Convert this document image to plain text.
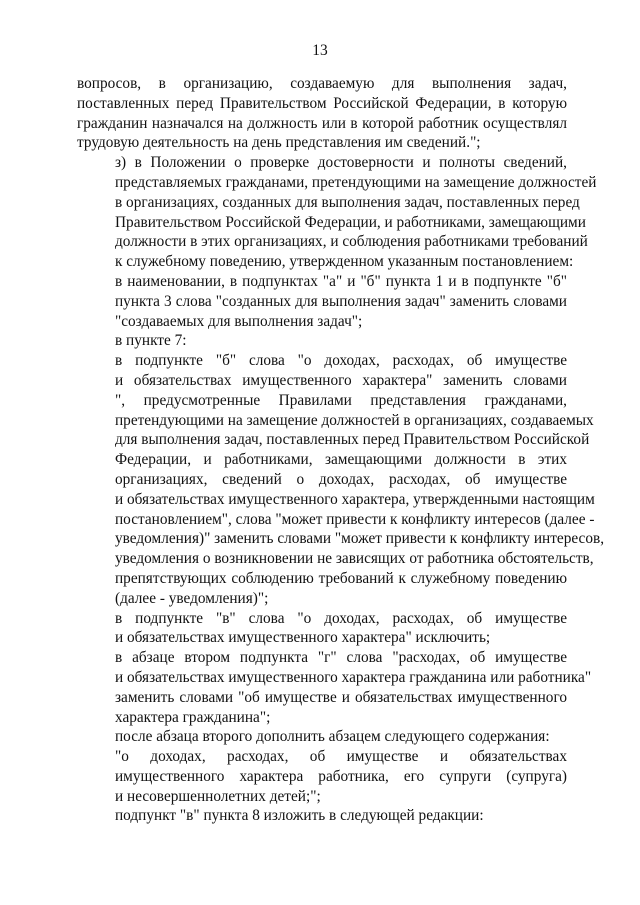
13

вопросов, в организацию, создаваемую для выполнения задач,
поставленных перед Правительством Российской Федерации, в которую
гражданин назначался на должность или в которой работник осуществлял
трудовую деятельность на день представления им сведений.";

з) в Положении о проверке достоверности и полноты сведений,
представляемых гражданами, претендующими на замещение должностей
в организациях, созданных для выполнения задач, поставленных перед
Правительством Российской Федерации, и работниками, замещающими
должности в этих организациях, и соблюдения работниками требований
к служебному поведению, утвержденном указанным постановлением:

в наименовании, в подпунктах "а" и "б" пункта 1 и в подпункте "б"
пункта 3 слова "созданных для выполнения задач" заменить словами
"создаваемых для выполнения задач";

в пункте 7:

в подпункте "б" слова "о доходах, расходах, об имуществе
и обязательствах имущественного характера" заменить словами
", предусмотренные Правилами представления гражданами,
претендующими на замещение должностей в организациях, создаваемых
для выполнения задач, поставленных перед Правительством Российской
Федерации, и работниками, замещающими должности в этих
организациях, сведений о доходах, расходах, об имуществе
и обязательствах имущественного характера, утвержденными настоящим
постановлением", слова "может привести к конфликту интересов (далее -
уведомления)" заменить словами "может привести к конфликту интересов,
уведомления о возникновении не зависящих от работника обстоятельств,
препятствующих соблюдению требований к служебному поведению
(далее - уведомления)";

в подпункте "в" слова "о доходах, расходах, об имуществе
и обязательствах имущественного характера" исключить;

в абзаце втором подпункта "г" слова "расходах, об имуществе
и обязательствах имущественного характера гражданина или работника"
заменить словами "об имуществе и обязательствах имущественного
характера гражданина";

после абзаца второго дополнить абзацем следующего содержания:

"о доходах, расходах, об имуществе и обязательствах
имущественного характера работника, его супруги (супруга)
и несовершеннолетних детей;";

подпункт "в" пункта 8 изложить в следующей редакции:
